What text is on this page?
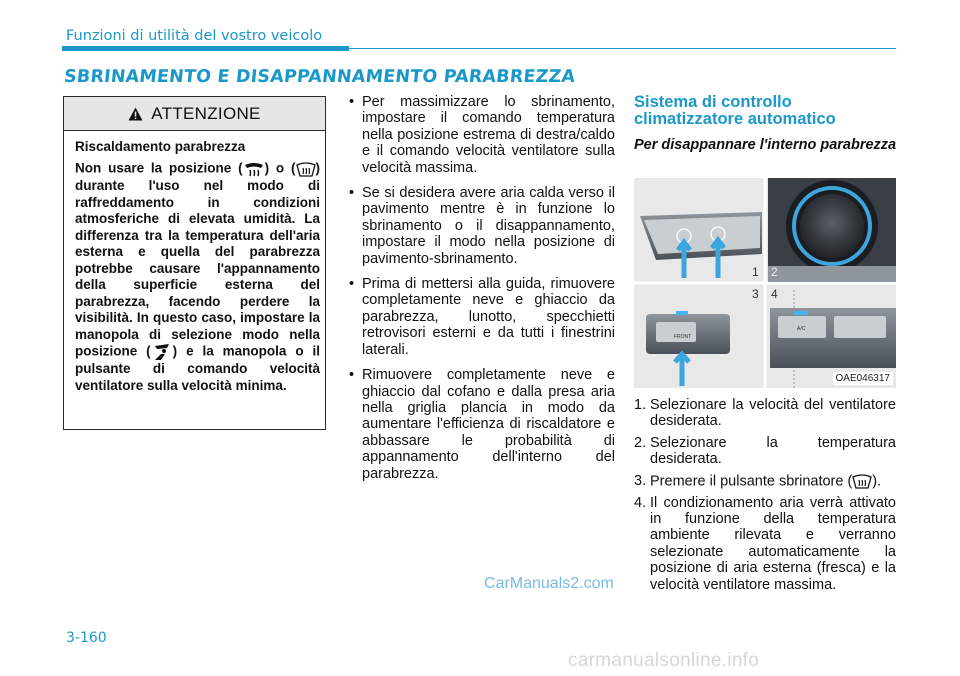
Funzioni di utilità del vostro veicolo
SBRINAMENTO E DISAPPANNAMENTO PARABREZZA
ATTENZIONE

Riscaldamento parabrezza

Non usare la posizione ( ) o ( ) durante l'uso nel modo di raffreddamento in condizioni atmosferiche di elevata umidità. La differenza tra la temperatura dell'aria esterna e quella del parabrezza potrebbe causare l'appannamento della superficie esterna del parabrezza, facendo perdere la visibilità. In questo caso, impostare la manopola di selezione modo nella posizione ( ) e la manopola o il pulsante di comando velocità ventilatore sulla velocità minima.

• Per massimizzare lo sbrinamento, impostare il comando temperatura nella posizione estrema di destra/caldo e il comando velocità ventilatore sulla velocità massima.

• Se si desidera avere aria calda verso il pavimento mentre è in funzione lo sbrinamento o il disappannamento, impostare il modo nella posizione di pavimento-sbrinamento.

• Prima di mettersi alla guida, rimuovere completamente neve e ghiaccio da parabrezza, lunotto, specchietti retrovisori esterni e da tutti i finestrini laterali.

• Rimuovere completamente neve e ghiaccio dal cofano e dalla presa aria nella griglia plancia in modo da aumentare l'efficienza di riscaldatore e abbassare le probabilità di appannamento dell'interno del parabrezza.

Sistema di controllo climatizzatore automatico
Per disappannare l'interno parabrezza
1 2
3
FRONT
4
A/C
OAE046317

1. Selezionare la velocità del ventilatore desiderata.

2. Selezionare la temperatura desiderata.

3. Premere il pulsante sbrinatore ( ).

4. Il condizionamento aria verrà attivato in funzione della temperatura ambiente rilevata e verranno selezionate automaticamente la posizione di aria esterna (fresca) e la velocità ventilatore massima.

3-160
CarManuals2.com
carmanualsonline.info
